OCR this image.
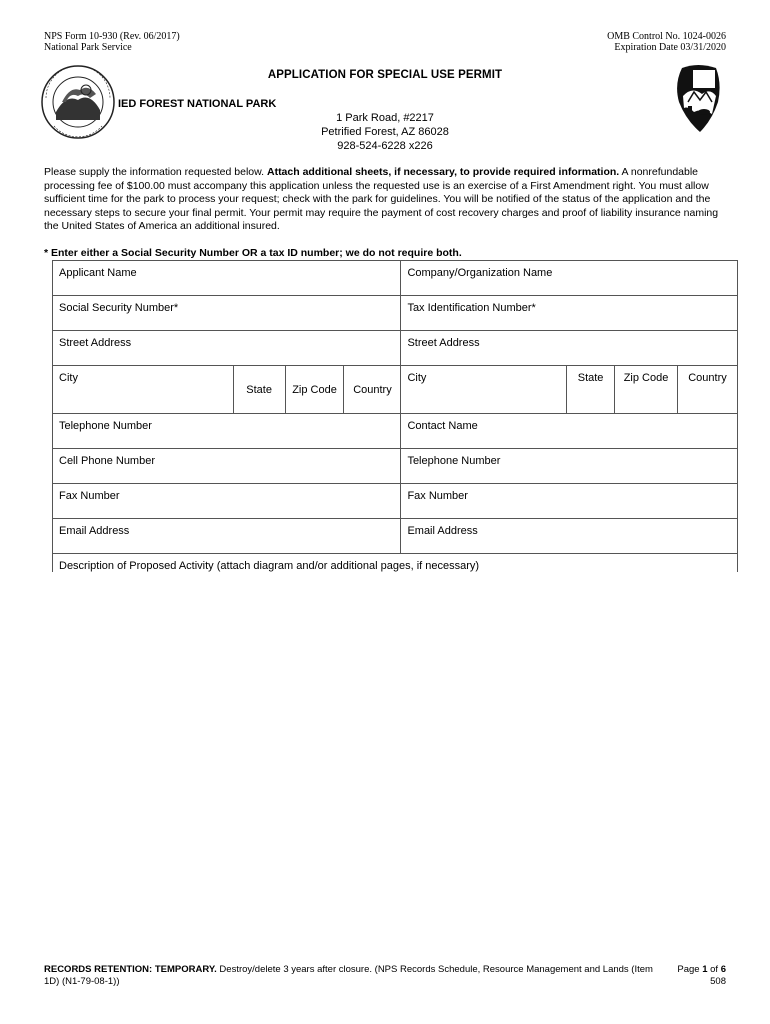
NPS Form 10-930 (Rev. 06/2017)
National Park Service
OMB Control No. 1024-0026
Expiration Date 03/31/2020
APPLICATION FOR SPECIAL USE PERMIT
IED FOREST NATIONAL PARK
1 Park Road, #2217
Petrified Forest, AZ 86028
928-524-6228 x226
Please supply the information requested below. Attach additional sheets, if necessary, to provide required information. A nonrefundable processing fee of $100.00 must accompany this application unless the requested use is an exercise of a First Amendment right. You must allow sufficient time for the park to process your request; check with the park for guidelines. You will be notified of the status of the application and the necessary steps to secure your final permit. Your permit may require the payment of cost recovery charges and proof of liability insurance naming the United States of America an additional insured.
* Enter either a Social Security Number OR a tax ID number; we do not require both.
Applicant Name				Company/Organization Name			
Social Security Number*				Tax Identification Number*			
Street Address				Street Address			
City	State	Zip Code	Country	City	State	Zip Code	Country
Telephone Number				Contact Name			
Cell Phone Number				Telephone Number			
Fax Number				Fax Number			
Email Address				Email Address			
Description of Proposed Activity (attach diagram and/or additional pages, if necessary)							
RECORDS RETENTION: TEMPORARY. Destroy/delete 3 years after closure. (NPS Records Schedule, Resource Management and Lands (Item 1D) (N1-79-08-1))
Page 1 of 6
508
